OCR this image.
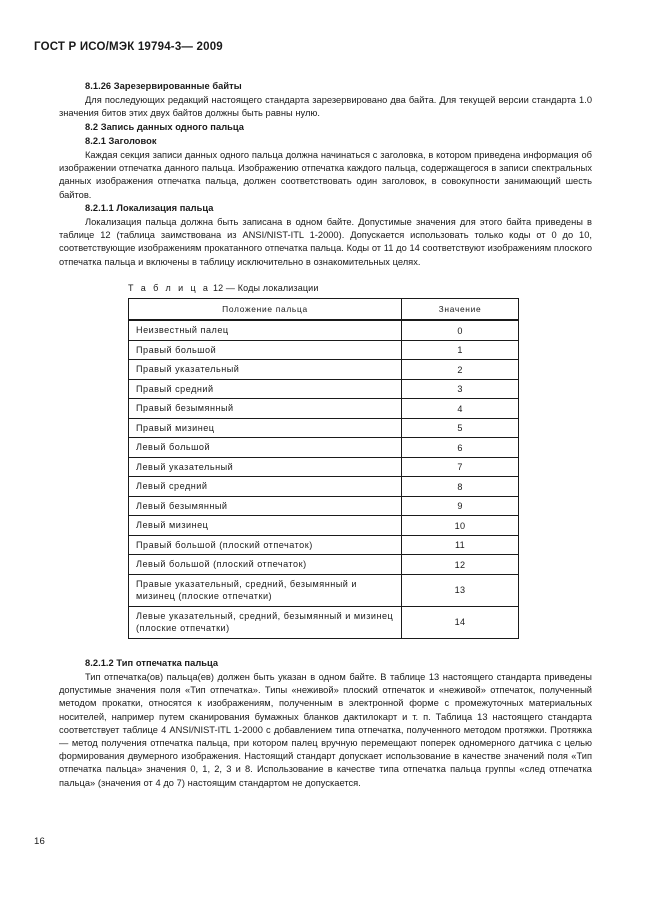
ГОСТ Р ИСО/МЭК 19794-3— 2009
8.1.26 Зарезервированные байты

Для последующих редакций настоящего стандарта зарезервировано два байта. Для текущей версии стандарта 1.0 значения битов этих двух байтов должны быть равны нулю.

8.2 Запись данных одного пальца
8.2.1 Заголовок

Каждая секция записи данных одного пальца должна начинаться с заголовка, в котором приведена информация об изображении отпечатка данного пальца. Изображению отпечатка каждого пальца, содержащегося в записи спектральных данных изображения отпечатка пальца, должен соответствовать один заголовок, в совокупности занимающий шесть байтов.

8.2.1.1 Локализация пальца

Локализация пальца должна быть записана в одном байте. Допустимые значения для этого байта приведены в таблице 12 (таблица заимствована из ANSI/NIST-ITL 1-2000). Допускается использовать только коды от 0 до 10, соответствующие изображениям прокатанного отпечатка пальца. Коды от 11 до 14 соответствуют изображениям плоского отпечатка пальца и включены в таблицу исключительно в ознакомительных целях.

Т а б л и ц а 12 — Коды локализации
Положение пальца	Значение
Неизвестный палец	0
Правый большой	1
Правый указательный	2
Правый средний	3
Правый безымянный	4
Правый мизинец	5
Левый большой	6
Левый указательный	7
Левый средний	8
Левый безымянный	9
Левый мизинец	10
Правый большой (плоский отпечаток)	11
Левый большой (плоский отпечаток)	12
Правые указательный, средний, безымянный и мизинец (плоские отпечатки)	13
Левые указательный, средний, безымянный и мизинец (плоские отпечатки)	14
8.2.1.2 Тип отпечатка пальца

Тип отпечатка(ов) пальца(ев) должен быть указан в одном байте. В таблице 13 настоящего стандарта приведены допустимые значения поля «Тип отпечатка». Типы «неживой» плоский отпечаток и «неживой» отпечаток, полученный методом прокатки, относятся к изображениям, полученным в электронной форме с промежуточных материальных носителей, например путем сканирования бумажных бланков дактилокарт и т. п. Таблица 13 настоящего стандарта соответствует таблице 4 ANSI/NIST-ITL 1-2000 с добавлением типа отпечатка, полученного методом протяжки. Протяжка — метод получения отпечатка пальца, при котором палец вручную перемещают поперек одномерного датчика с целью формирования двумерного изображения. Настоящий стандарт допускает использование в качестве значений поля «Тип отпечатка пальца» значения 0, 1, 2, 3 и 8. Использование в качестве типа отпечатка пальца группы «след отпечатка пальца» (значения от 4 до 7) настоящим стандартом не допускается.

16
